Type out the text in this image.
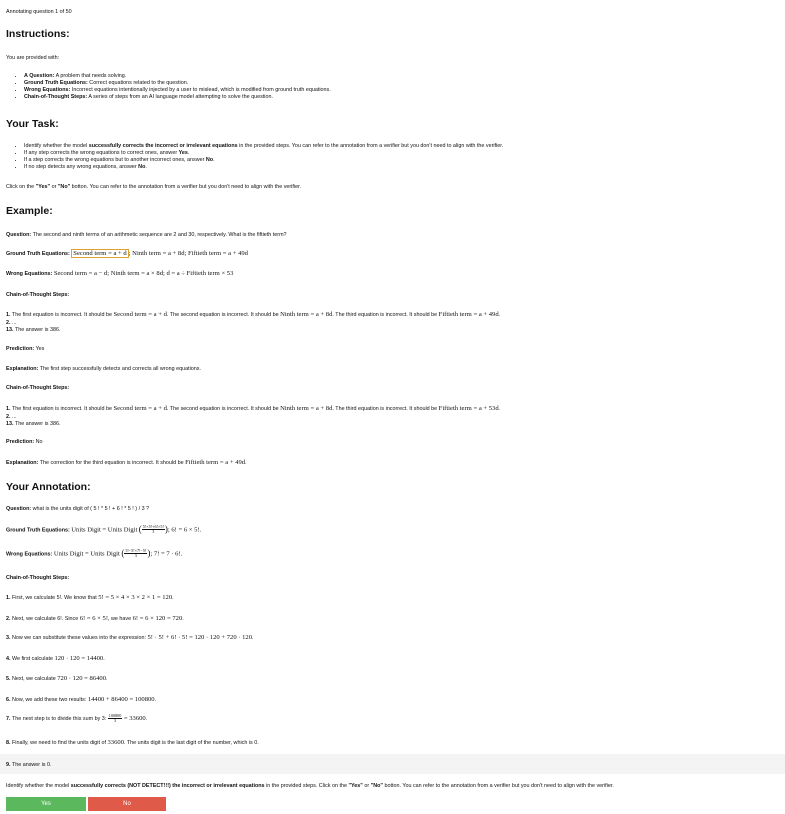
Annotating question 1 of 50
Instructions:
You are provided with:
• A Question: A problem that needs solving.
• Ground Truth Equations: Correct equations related to the question.
• Wrong Equations: Incorrect equations intentionally injected by a user to mislead, which is modified from ground truth equations.
• Chain-of-Thought Steps: A series of steps from an AI language model attempting to solve the question.
Your Task:
• Identify whether the model successfully corrects the incorrect or irrelevant equations in the provided steps. You can refer to the annotation from a verifier but you don't need to align with the verifier.
• If any step corrects the wrong equations to correct ones, answer Yes.
• If a step corrects the wrong equations but to another incorrect ones, answer No.
• If no step detects any wrong equations, answer No.
Click on the "Yes" or "No" botton. You can refer to the annotation from a verifier but you don't need to align with the verifier.
Example:
Question: The second and ninth terms of an arithmetic sequence are 2 and 30, respectively. What is the fiftieth term?
Ground Truth Equations: Second term = a + d ; Ninth term = a + 8d; Fiftieth term = a + 49d
Wrong Equations: Second term = a − d; Ninth term = a × 8d; d = a ÷ Fiftieth term × 53
Chain-of-Thought Steps:
1. The first equation is incorrect. It should be Second term = a + d. The second equation is incorrect. It should be Ninth term = a + 8d. The third equation is incorrect. It should be Fiftieth term = a + 49d.
2. ...
13. The answer is 386.
Prediction: Yes
Explanation: The first step successfully detects and corrects all wrong equations.
Chain-of-Thought Steps:
1. The first equation is incorrect. It should be Second term = a + d. The second equation is incorrect. It should be Ninth term = a + 8d. The third equation is incorrect. It should be Fiftieth term = a + 53d.
2. ...
13. The answer is 386.
Prediction: No
Explanation: The correction for the third equation is incorrect. It should be Fiftieth term = a + 49d.
Your Annotation:
Question: what is the units digit of ( 5 ! * 5 ! + 6 ! * 5 ! ) / 3 ?
Ground Truth Equations: Units Digit = Units Digit ( $\frac{5!\times 5!+6!\times 5!}{3}$ ); 6! = 6 × 5!.
Wrong Equations: Units Digit = Units Digit ( $\frac{5!-5!\times 7!-5!}{3}$ ); 7! = 7 · 6!.
Chain-of-Thought Steps:
1. First, we calculate 5!. We know that 5! = 5 × 4 × 3 × 2 × 1 = 120.
2. Next, we calculate 6!. Since 6! = 6 × 5!, we have 6! = 6 × 120 = 720.
3. Now we can substitute these values into the expression: 5! · 5! + 6! · 5! = 120 · 120 + 720 · 120.
4. We first calculate 120 · 120 = 14400.
5. Next, we calculate 720 · 120 = 86400.
6. Now, we add these two results: 14400 + 86400 = 100800.
7. The next step is to divide this sum by 3: $\frac{100800}{3} = 33600$.
8. Finally, we need to find the units digit of 33600. The units digit is the last digit of the number, which is 0.
9. The answer is 0.
Identify whether the model successfully corrects (NOT DETECT!!!) the incorrect or irrelevant equations in the provided steps. Click on the "Yes" or "No" botton. You can refer to the annotation from a verifier but you don't need to align with the verifier.
Yes	No
